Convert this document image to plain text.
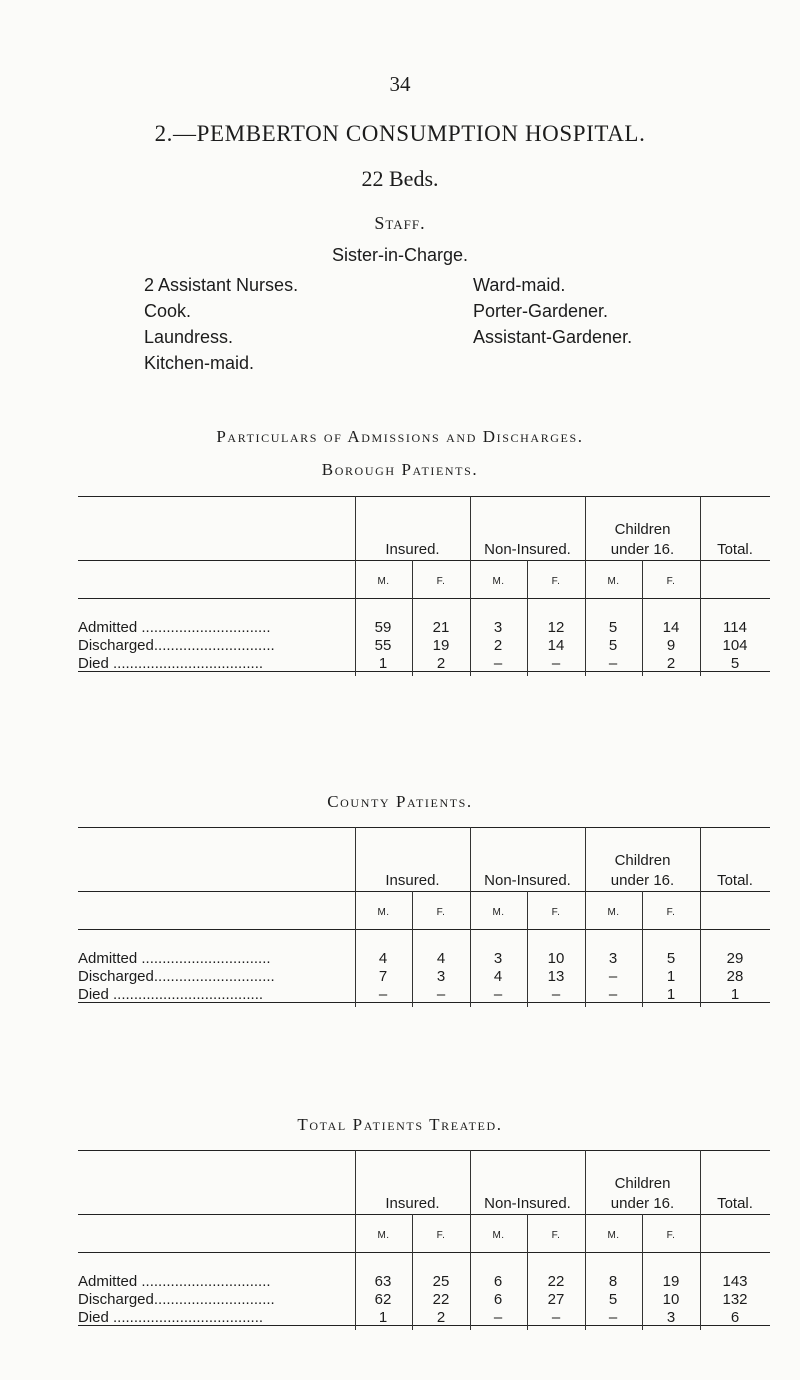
34
2.—PEMBERTON CONSUMPTION HOSPITAL.
22 Beds.
Staff.
Sister-in-Charge.
2 Assistant Nurses.
Cook.
Laundress.
Kitchen-maid.
Ward-maid.
Porter-Gardener.
Assistant-Gardener.
Particulars of Admissions and Discharges.
Borough Patients.
Insured.	Non-Insured.
Children
under 16.	Total.
M.	F.	M.	F.	M.	F.
Admitted ...............................	59	21	3	12	5	14	114
Discharged.............................	55	19	2	14	5	9	104
Died ....................................	1	2	–	–	–	2	5
County Patients.
Insured.	Non-Insured.
Children
under 16.	Total.
M.	F.	M.	F.	M.	F.
Admitted ...............................	4	4	3	10	3	5	29
Discharged.............................	7	3	4	13	–	1	28
Died ....................................	–	–	–	–	–	1	1
Total Patients Treated.
Insured.	Non-Insured.
Children
under 16.	Total.
M.	F.	M.	F.	M.	F.
Admitted ...............................	63	25	6	22	8	19	143
Discharged.............................	62	22	6	27	5	10	132
Died ....................................	1	2	–	–	–	3	6
